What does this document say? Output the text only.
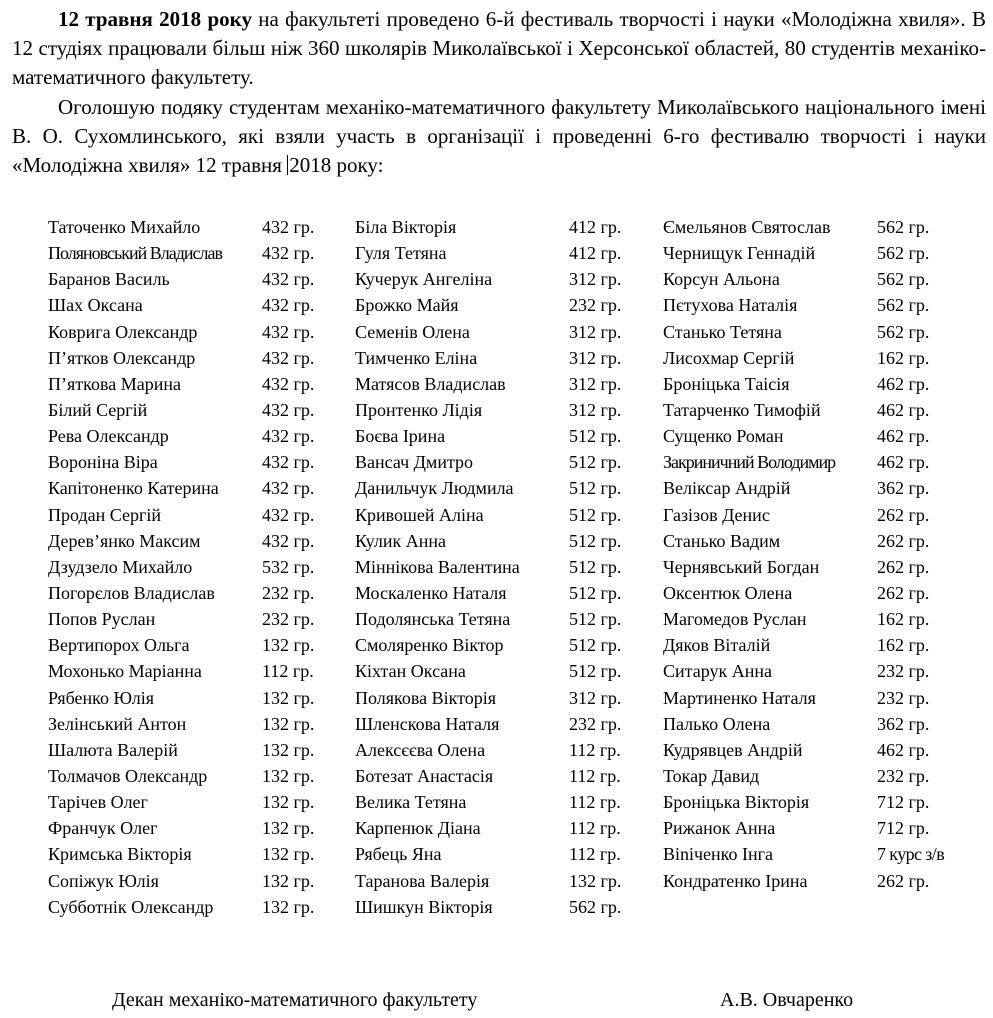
12 травня 2018 року на факультеті проведено 6-й фестиваль творчості і науки «Молодіжна хвиля». В 12 студіях працювали більш ніж 360 школярів Миколаївської і Херсонської областей, 80 студентів механіко-математичного факультету.

Оголошую подяку студентам механіко-математичного факультету Миколаївського національного імені В. О. Сухомлинського, які взяли участь в організації і проведенні 6-го фестивалю творчості і науки «Молодіжна хвиля» 12 травня 2018 року:

Таточенко Михайло	432 гр.
Поляновський Владислав 432 гр.
Баранов Василь	432 гр.
Шах Оксана	432 гр.
Коврига Олександр	432 гр.
П’ятков Олександр	432 гр.
П’яткова Марина	432 гр.
Білий Сергій	432 гр.
Рева Олександр	432 гр.
Вороніна Віра	432 гр.
Капітоненко Катерина 432 гр.
Продан Сергій	432 гр.
Дерев’янко Максим	432 гр.
Дзудзело Михайло	532 гр.
Погорєлов Владислав	232 гр.
Попов Руслан	232 гр.
Вертипорох Ольга	132 гр.
Мохонько Маріанна	112 гр.
Рябенко Юлія	132 гр.
Зелінський Антон	132 гр.
Шалюта Валерій	132 гр.
Толмачов Олександр	132 гр.
Тарічев Олег	132 гр.
Франчук Олег	132 гр.
Кримська Вікторія	132 гр.
Сопіжук Юлія	132 гр.
Субботнік Олександр	132 гр.
Біла Вікторія	412 гр.
Гуля Тетяна	412 гр.
Кучерук Ангеліна	312 гр.
Брожко Майя	232 гр.
Семенів Олена	312 гр.
Тимченко Еліна	312 гр.
Матясов Владислав	312 гр.
Пронтенко Лідія	312 гр.
Боєва Ірина	512 гр.
Вансач Дмитро	512 гр.
Данильчук Людмила	512 гр.
Кривошей Аліна	512 гр.
Кулик Анна	512 гр.
Міннікова Валентина	512 гр.
Москаленко Наталя	512 гр.
Подолянська Тетяна	512 гр.
Смоляренко Віктор	512 гр.
Кіхтан Оксана	512 гр.
Полякова Вікторія	312 гр.
Шленскова Наталя	232 гр.
Алексєєва Олена	112 гр.
Ботезат Анастасія	112 гр.
Велика Тетяна	112 гр.
Карпенюк Діана	112 гр.
Рябець Яна	112 гр.
Таранова Валерія	132 гр.
Шишкун Вікторія	562 гр.
Ємельянов Святослав	562 гр.
Чернищук Геннадій	562 гр.
Корсун Альона	562 гр.
Пєтухова Наталія	562 гр.
Станько Тетяна	562 гр.
Лисохмар Сергій	162 гр.
Броніцька Таісія	462 гр.
Татарченко Тимофій	462 гр.
Сущенко Роман	462 гр.
Закриничний Володимир 462 гр.
Веліксар Андрій	362 гр.
Газізов Денис	262 гр.
Станько Вадим	262 гр.
Чернявський Богдан	262 гр.
Оксентюк Олена	262 гр.
Магомедов Руслан	162 гр.
Дяков Віталій	162 гр.
Ситарук Анна	232 гр.
Мартиненко Наталя	232 гр.
Палько Олена	362 гр.
Кудрявцев Андрій	462 гр.
Токар Давид	232 гр.
Броніцька Вікторія	712 гр.
Рижанок Анна	712 гр.
Віniченко Інга	7 курс з/в
Кондратенко Ірина	262 гр.
Декан механіко-математичного факультету	А.В. Овчаренко
